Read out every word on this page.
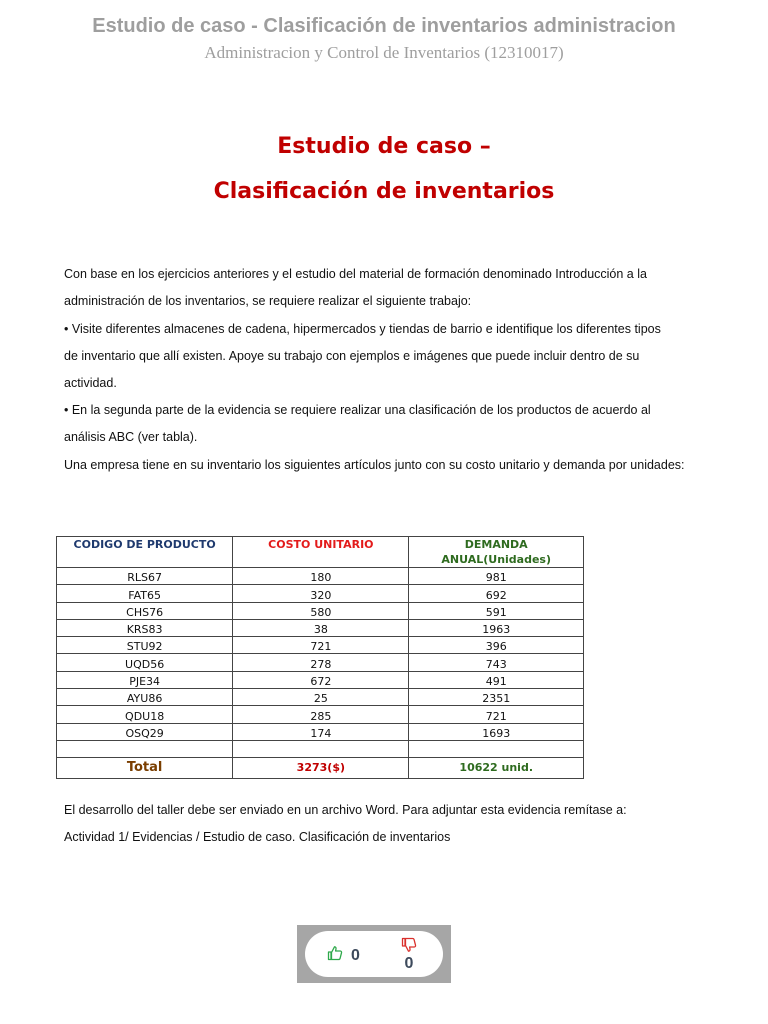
Estudio de caso - Clasificación de inventarios administracion

Administracion y Control de Inventarios (12310017)

Estudio de caso –
Clasiﬁcación de inventarios
Con base en los ejercicios anteriores y el estudio del material de formación denominado Introducción a la
administración de los inventarios, se requiere realizar el siguiente trabajo:
• Visite diferentes almacenes de cadena, hipermercados y tiendas de barrio e identifique los diferentes tipos
de inventario que allí existen. Apoye su trabajo con ejemplos e imágenes que puede incluir dentro de su
actividad.
• En la segunda parte de la evidencia se requiere realizar una clasificación de los productos de acuerdo al
análisis ABC (ver tabla).
Una empresa tiene en su inventario los siguientes artículos junto con su costo unitario y demanda por unidades:
CODIGO DE PRODUCTO	COSTO UNITARIO	DEMANDA
ANUAL(Unidades)
RLS67	180	981
FAT65	320	692
CHS76	580	591
KRS83	38	1963
STU92	721	396
UQD56	278	743
PJE34	672	491
AYU86	25	2351
QDU18	285	721
OSQ29	174	1693

Total	3273($)	10622 unid.
El desarrollo del taller debe ser enviado en un archivo Word. Para adjuntar esta evidencia remítase a:
Actividad 1/ Evidencias / Estudio de caso. Clasificación de inventarios
0	0
